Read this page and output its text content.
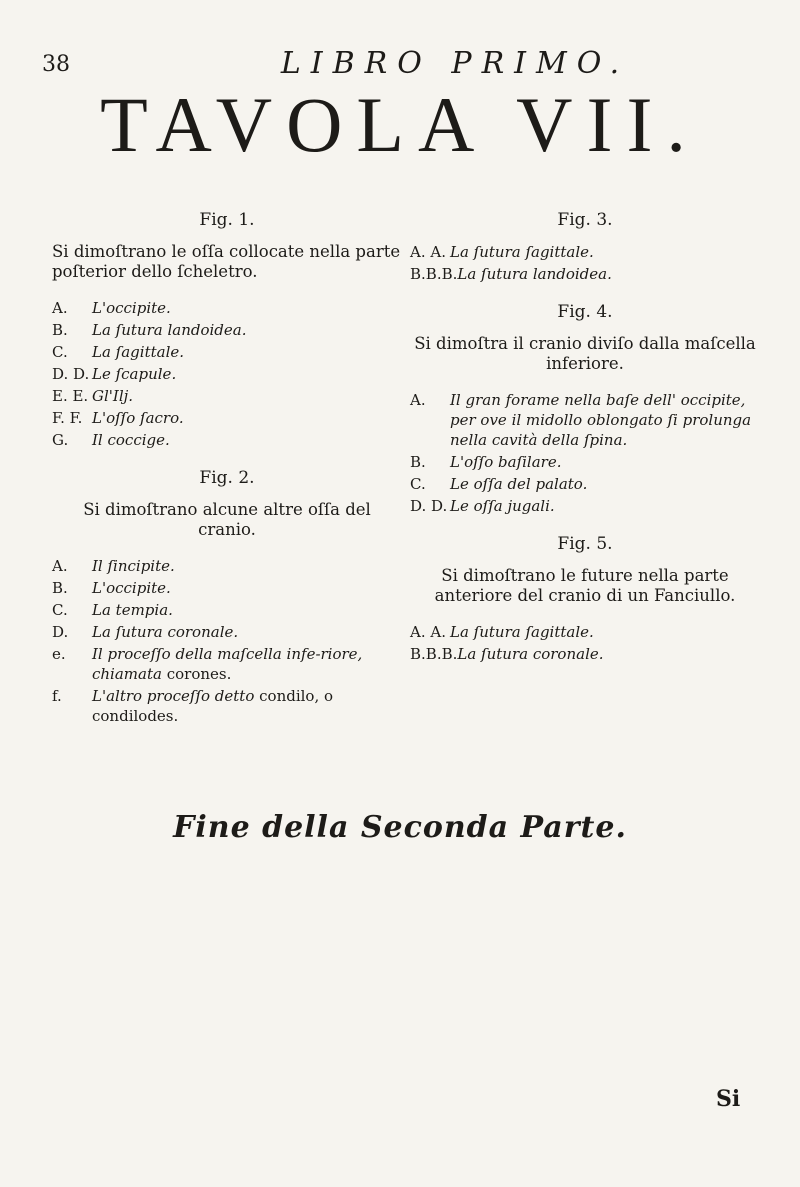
38	LIBRO PRIMO.
TAVOLA VII.
Fig. 1.
Si dimoſtrano le oſſa collocate nella parte poſterior dello ſcheletro.
A.	L'occipite.
B.	La ſutura landoidea.
C.	La ſagittale.
D. D. Le ſcapule.
E. E. Gl'Ilj.
F. F. L'oſſo ſacro.
G.	Il coccige.
Fig. 2.
Si dimoſtrano alcune altre oſſa del cranio.
A.	Il ſincipite.
B.	L'occipite.
C.	La tempia.
D.	La ſutura coronale.
e.	Il proceſſo della maſcella infe-riore, chiamata corones.
f.	L'altro proceſſo detto condilo, o condilodes.
Fig. 3.
A. A. La ſutura ſagittale.
B.B.B. La ſutura landoidea.
Fig. 4.
Si dimoſtra il cranio diviſo dalla maſcella inferiore.
A.	Il gran forame nella baſe dell' occipite, per ove il midollo oblongato ſi prolunga nella cavità della ſpina.
B.	L'oſſo baſilare.
C.	Le oſſa del palato.
D. D. Le oſſa jugali.
Fig. 5.
Si dimoſtrano le future nella parte anteriore del cranio di un Fanciullo.
A. A. La ſutura ſagittale.
B.B.B. La ſutura coronale.
Fine della Seconda Parte.
Si
